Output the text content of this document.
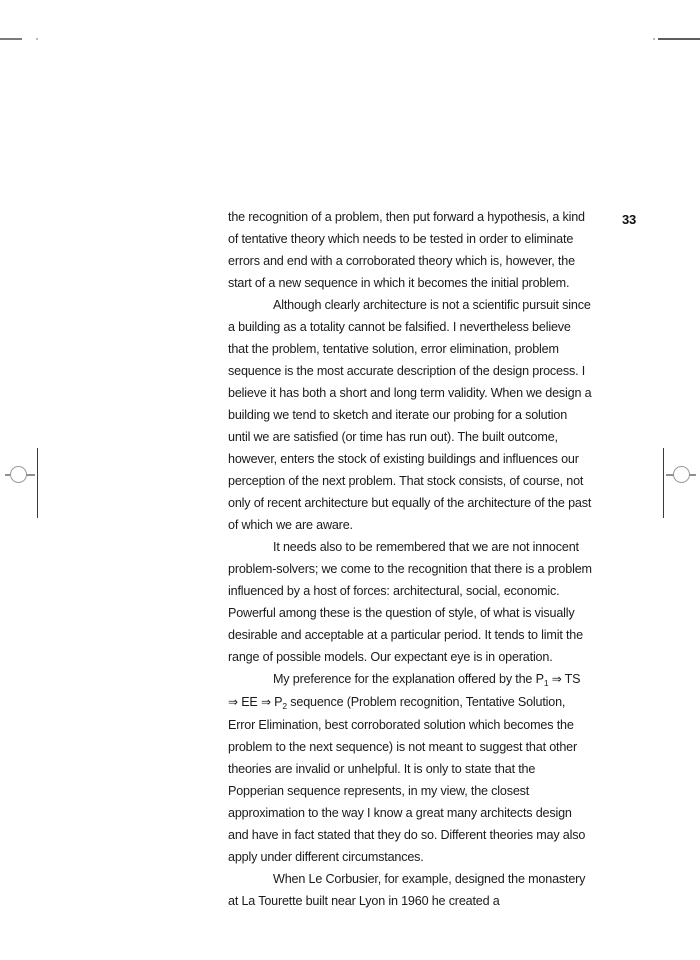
33

the recognition of a problem, then put forward a hypothesis, a kind of tentative theory which needs to be tested in order to eliminate errors and end with a corroborated theory which is, however, the start of a new sequence in which it becomes the initial problem.

Although clearly architecture is not a scientific pursuit since a building as a totality cannot be falsified. I nevertheless believe that the problem, tentative solution, error elimination, problem sequence is the most accurate description of the design process. I believe it has both a short and long term validity. When we design a building we tend to sketch and iterate our probing for a solution until we are satisfied (or time has run out). The built outcome, however, enters the stock of existing buildings and influences our perception of the next problem. That stock consists, of course, not only of recent architecture but equally of the architecture of the past of which we are aware.

It needs also to be remembered that we are not innocent problem-solvers; we come to the recognition that there is a problem influenced by a host of forces: architectural, social, economic. Powerful among these is the question of style, of what is visually desirable and acceptable at a particular period. It tends to limit the range of possible models. Our expectant eye is in operation.

My preference for the explanation offered by the $P_1$ ⇒ TS ⇒ EE ⇒ $P_2$ sequence (Problem recognition, Tentative Solution, Error Elimination, best corroborated solution which becomes the problem to the next sequence) is not meant to suggest that other theories are invalid or unhelpful. It is only to state that the Popperian sequence represents, in my view, the closest approximation to the way I know a great many architects design and have in fact stated that they do so. Different theories may also apply under different circumstances.

When Le Corbusier, for example, designed the monastery at La Tourette built near Lyon in 1960 he created a
